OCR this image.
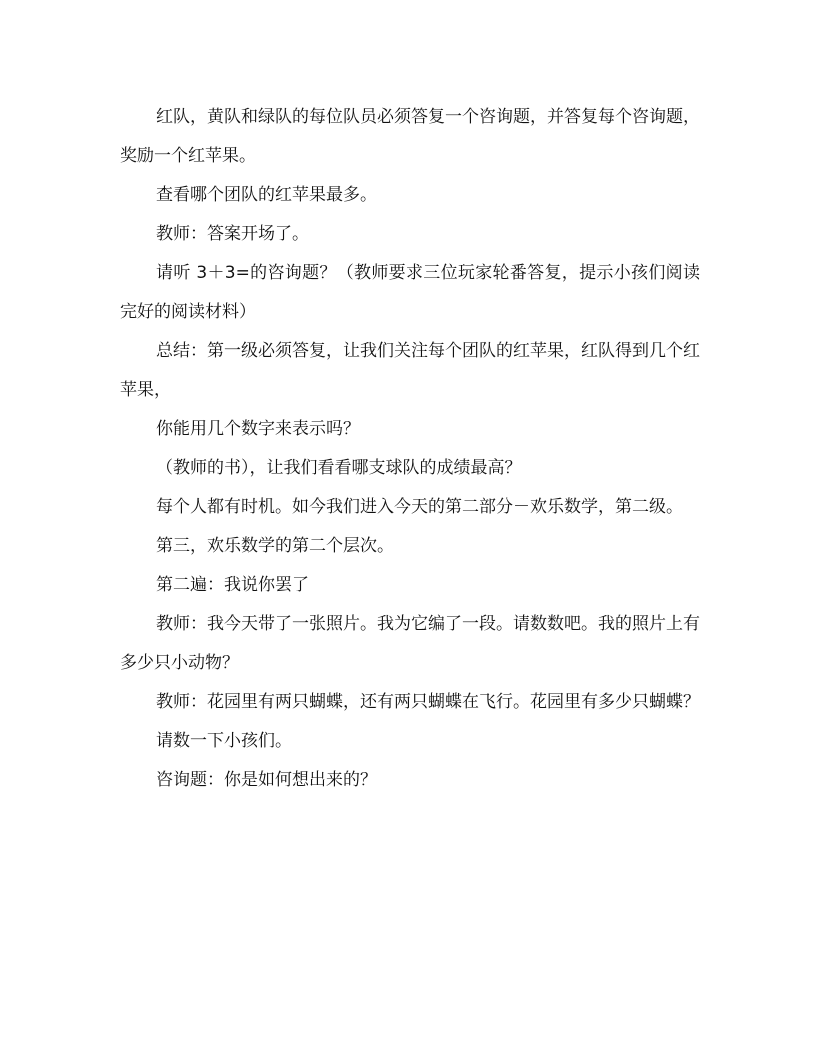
红队，黄队和绿队的每位队员必须答复一个咨询题，并答复每个咨询题，奖励一个红苹果。

查看哪个团队的红苹果最多。

教师：答案开场了。

请听 3＋3=的咨询题？（教师要求三位玩家轮番答复，提示小孩们阅读完好的阅读材料）

总结：第一级必须答复，让我们关注每个团队的红苹果，红队得到几个红苹果，

你能用几个数字来表示吗？

（教师的书），让我们看看哪支球队的成绩最高？

每个人都有时机。如今我们进入今天的第二部分－欢乐数学，第二级。

第三，欢乐数学的第二个层次。

第二遍：我说你罢了

教师：我今天带了一张照片。我为它编了一段。请数数吧。我的照片上有多少只小动物？

教师：花园里有两只蝴蝶，还有两只蝴蝶在飞行。花园里有多少只蝴蝶？

请数一下小孩们。

咨询题：你是如何想出来的？
